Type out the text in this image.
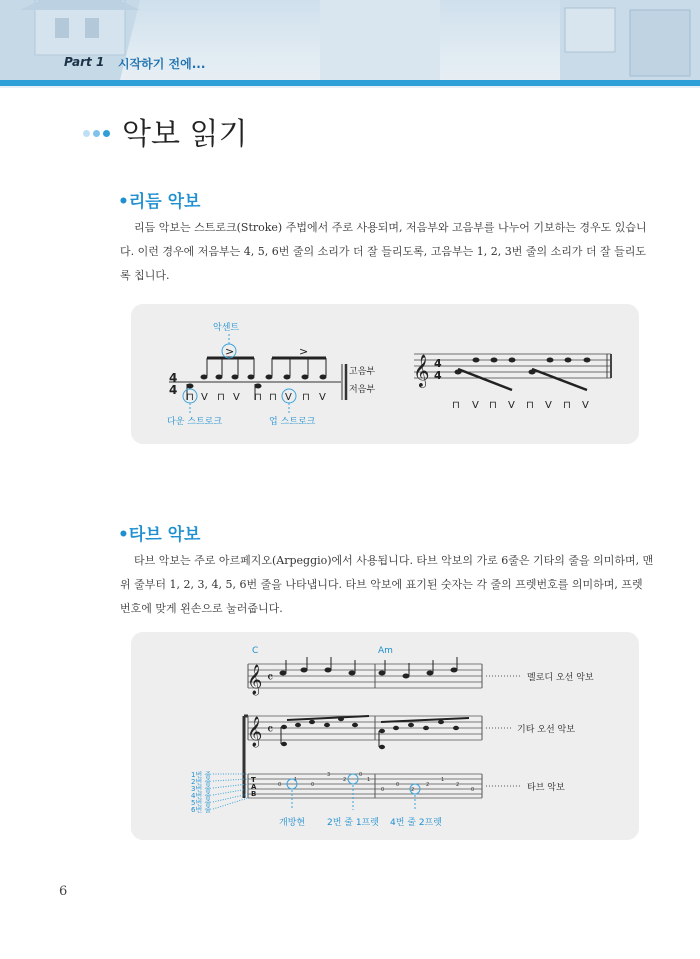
Part 1 시작하기 전에...
악보 읽기
•리듬 악보
리듬 악보는 스트로크(Stroke) 주법에서 주로 사용되며, 저음부와 고음부를 나누어 기보하는 경우도 있습니
다. 이런 경우에 저음부는 4, 5, 6번 줄의 소리가 더 잘 들리도록, 고음부는 1, 2, 3번 줄의 소리가 더 잘 들리도
록 칩니다.
4
4
>	>
악센트
⊓ V ⊓ V ⊓ ⊓ V ⊓ V
다운 스트로크	업 스트로크
고음부
저음부
𝄞 4
4
⊓ V ⊓ V ⊓ V ⊓ V
•타브 악보
타브 악보는 주로 아르페지오(Arpeggio)에서 사용됩니다. 타브 악보의 가로 6줄은 기타의 줄을 의미하며, 맨
위 줄부터 1, 2, 3, 4, 5, 6번 줄을 나타냅니다. 타브 악보에 표기된 숫자는 각 줄의 프렛번호를 의미하며, 프렛
번호에 맞게 왼손으로 눌러줍니다.
C	Am
𝄞 𝄴	멜로디 오선 악보
𝄞 𝄴	기타 오선 악보
T
A
B
0
1
0
3
2
0
1
0
0
2
2
1
2
0	타브 악보
1번 줄
2번 줄
3번 줄
4번 줄
5번 줄
6번 줄
개방현 2번 줄 1프렛 4번 줄 2프렛
6
